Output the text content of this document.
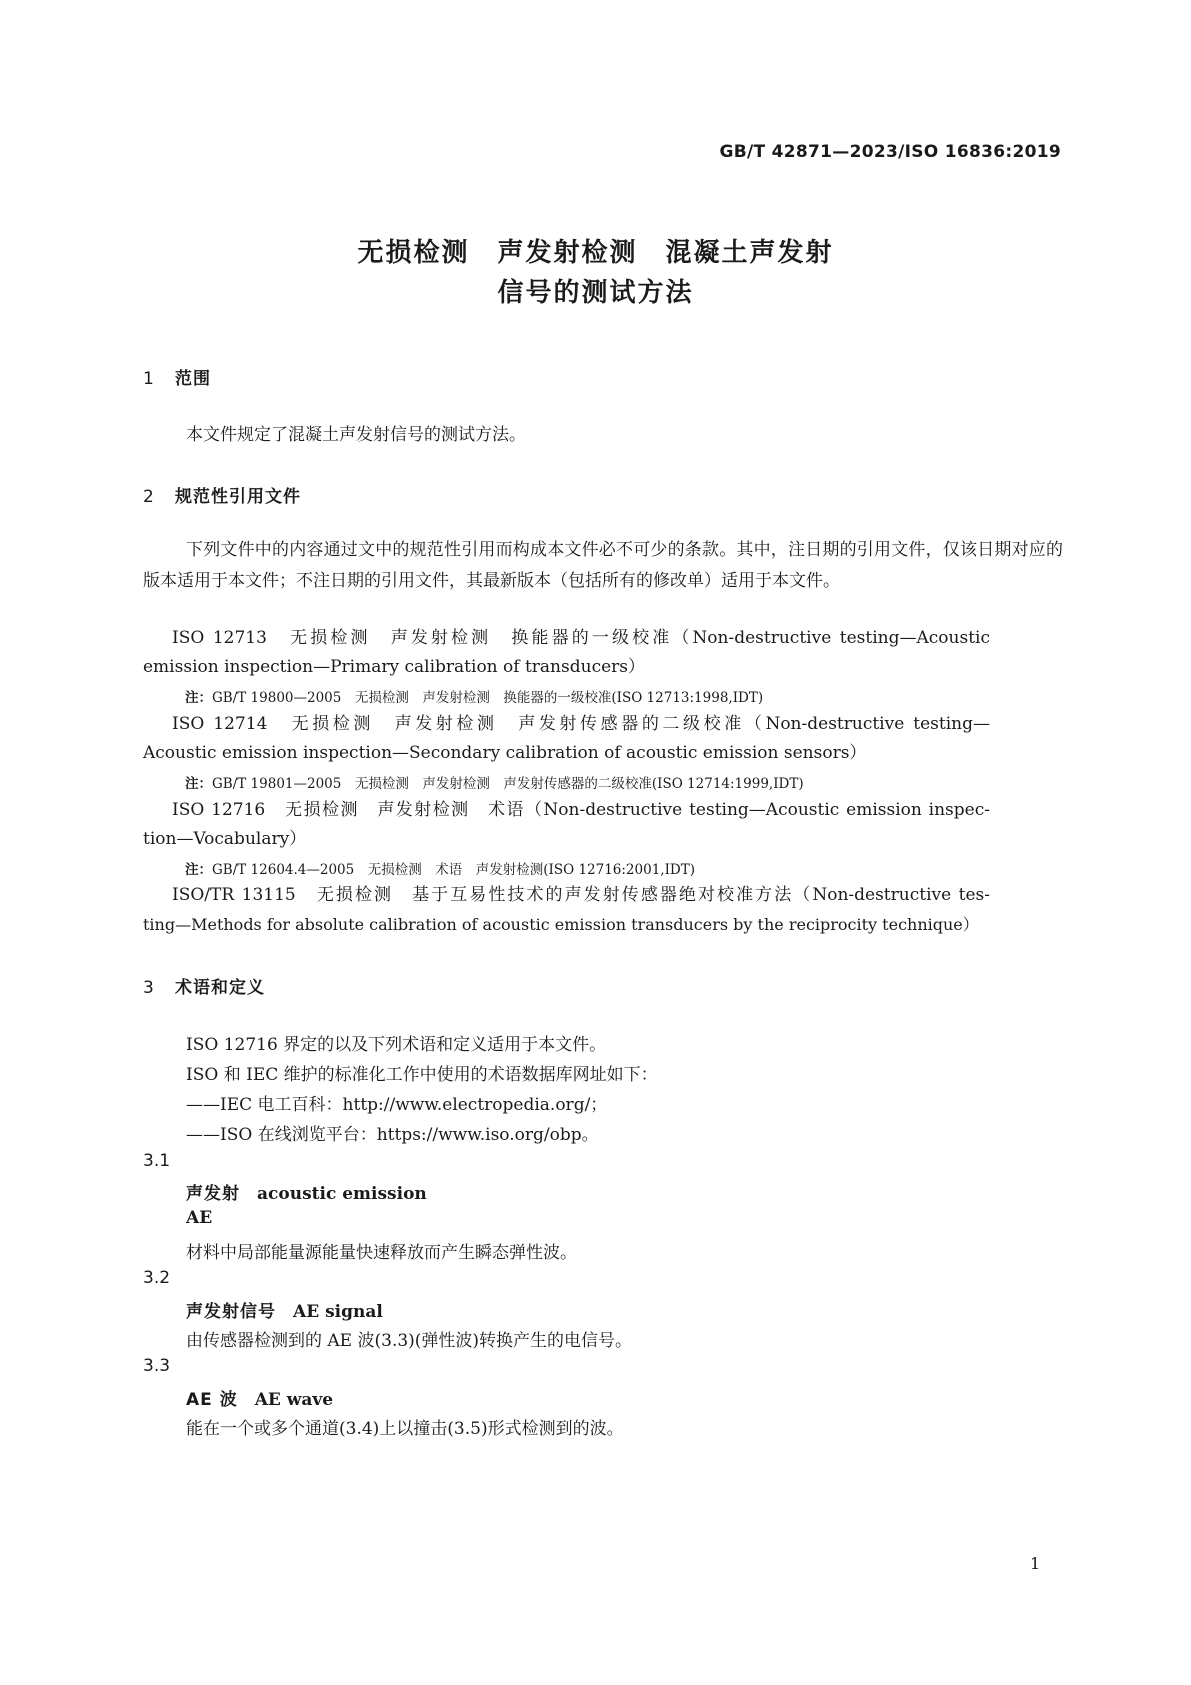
GB/T 42871—2023/ISO 16836:2019
无损检测　声发射检测　混凝土声发射
信号的测试方法
1 范围
本文件规定了混凝土声发射信号的测试方法。
2 规范性引用文件
下列文件中的内容通过文中的规范性引用而构成本文件必不可少的条款。其中，注日期的引用文件，仅该日期对应的版本适用于本文件；不注日期的引用文件，其最新版本（包括所有的修改单）适用于本文件。
ISO 12713　无损检测　声发射检测　换能器的一级校准（Non-destructive testing—Acoustic
emission inspection—Primary calibration of transducers）
注：GB/T 19800—2005　无损检测　声发射检测　换能器的一级校准(ISO 12713:1998,IDT)
ISO 12714　无损检测　声发射检测　声发射传感器的二级校准（Non-destructive testing—
Acoustic emission inspection—Secondary calibration of acoustic emission sensors）
注：GB/T 19801—2005　无损检测　声发射检测　声发射传感器的二级校准(ISO 12714:1999,IDT)
ISO 12716　无损检测　声发射检测　术语（Non-destructive testing—Acoustic emission inspec-
tion—Vocabulary）
注：GB/T 12604.4—2005　无损检测　术语　声发射检测(ISO 12716:2001,IDT)
ISO/TR 13115　无损检测　基于互易性技术的声发射传感器绝对校准方法（Non-destructive tes-
ting—Methods for absolute calibration of acoustic emission transducers by the reciprocity technique）
3 术语和定义
ISO 12716 界定的以及下列术语和定义适用于本文件。
ISO 和 IEC 维护的标准化工作中使用的术语数据库网址如下：
——IEC 电工百科：http://www.electropedia.org/；
——ISO 在线浏览平台：https://www.iso.org/obp。
3.1
声发射　 acoustic emission
AE
材料中局部能量源能量快速释放而产生瞬态弹性波。
3.2
声发射信号　 AE signal
由传感器检测到的 AE 波(3.3)(弹性波)转换产生的电信号。
3.3
AE 波　 AE wave
能在一个或多个通道(3.4)上以撞击(3.5)形式检测到的波。
1
